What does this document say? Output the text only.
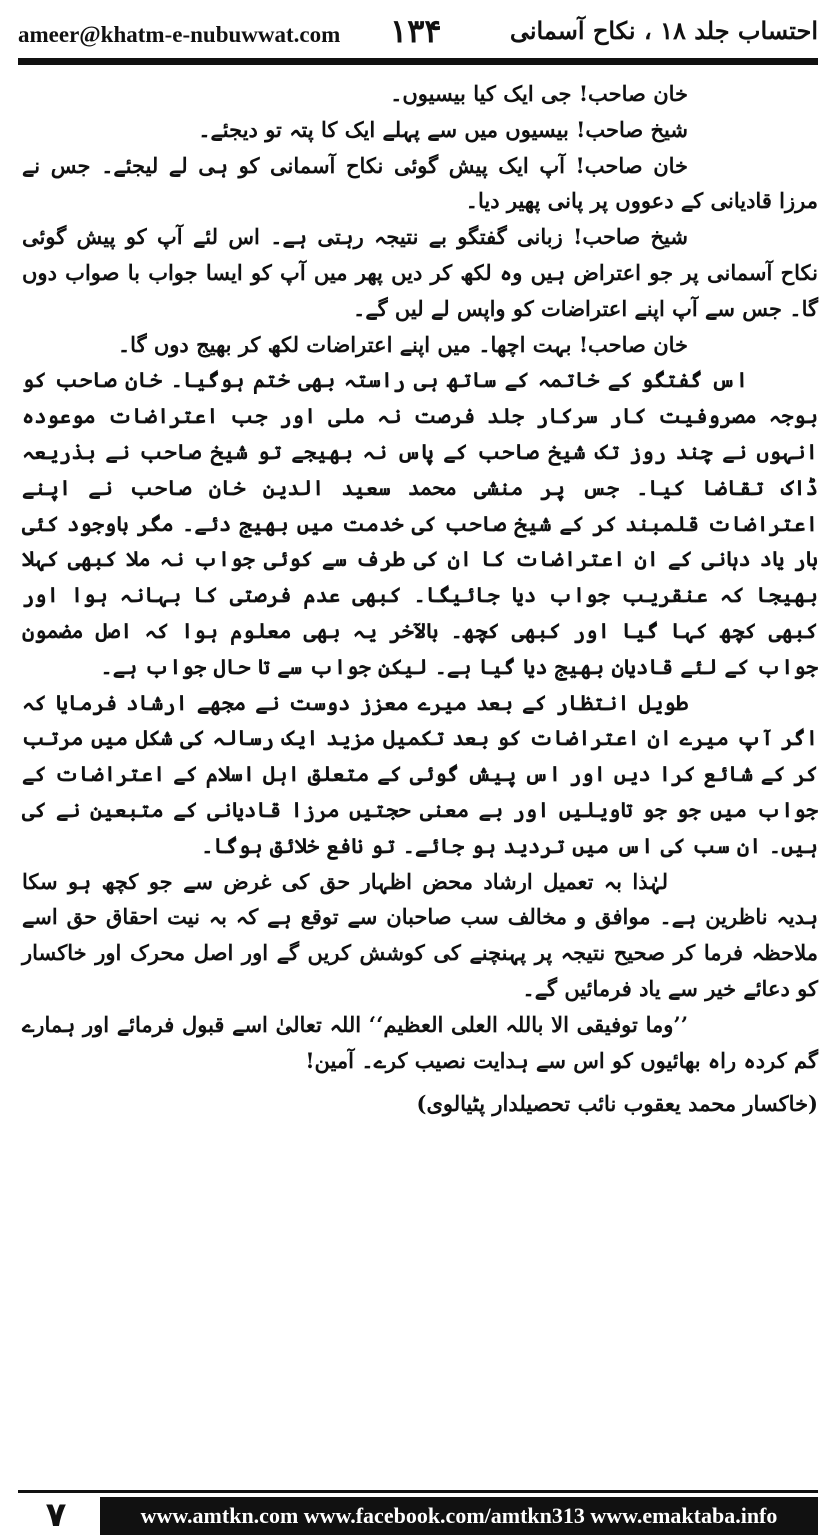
ameer@khatm-e-nubuwwat.com ۱۳۴	احتساب جلد ۱۸ ، نکاح آسمانی

خان صاحب! جی ایک کیا بیسیوں۔

شیخ صاحب! بیسیوں میں سے پہلے ایک کا پتہ تو دیجئے۔

خان صاحب! آپ ایک پیش گوئی نکاح آسمانی کو ہی لے لیجئے۔ جس نے مرزا قادیانی کے دعووں پر پانی پھیر دیا۔

شیخ صاحب! زبانی گفتگو بے نتیجہ رہتی ہے۔ اس لئے آپ کو پیش گوئی نکاح آسمانی پر جو اعتراض ہیں وہ لکھ کر دیں پھر میں آپ کو ایسا جواب با صواب دوں گا۔ جس سے آپ اپنے اعتراضات کو واپس لے لیں گے۔

خان صاحب! بہت اچھا۔ میں اپنے اعتراضات لکھ کر بھیج دوں گا۔

اس گفتگو کے خاتمہ کے ساتھ ہی راستہ بھی ختم ہوگیا۔ خان صاحب کو بوجہ مصروفیت کار سرکار جلد فرصت نہ ملی اور جب اعتراضات موعودہ انہوں نے چند روز تک شیخ صاحب کے پاس نہ بھیجے تو شیخ صاحب نے بذریعہ ڈاک تقاضا کیا۔ جس پر منشی محمد سعید الدین خان صاحب نے اپنے اعتراضات قلمبند کر کے شیخ صاحب کی خدمت میں بھیج دئے۔ مگر باوجود کئی بار یاد دہانی کے ان اعتراضات کا ان کی طرف سے کوئی جواب نہ ملا کبھی کہلا بھیجا کہ عنقریب جواب دیا جائیگا۔ کبھی عدم فرصتی کا بہانہ ہوا اور کبھی کچھ کہا گیا اور کبھی کچھ۔ بالآخر یہ بھی معلوم ہوا کہ اصل مضمون جواب کے لئے قادیان بھیج دیا گیا ہے۔ لیکن جواب سے تا حال جواب ہے۔

طویل انتظار کے بعد میرے معزز دوست نے مجھے ارشاد فرمایا کہ اگر آپ میرے ان اعتراضات کو بعد تکمیل مزید ایک رسالہ کی شکل میں مرتب کر کے شائع کرا دیں اور اس پیش گوئی کے متعلق اہل اسلام کے اعتراضات کے جواب میں جو جو تاویلیں اور بے معنی حجتیں مرزا قادیانی کے متبعین نے کی ہیں۔ ان سب کی اس میں تردید ہو جائے۔ تو نافع خلائق ہوگا۔

لہٰذا بہ تعمیل ارشاد محض اظہار حق کی غرض سے جو کچھ ہو سکا ہدیہ ناظرین ہے۔ موافق و مخالف سب صاحبان سے توقع ہے کہ بہ نیت احقاق حق اسے ملاحظہ فرما کر صحیح نتیجہ پر پہنچنے کی کوشش کریں گے اور اصل محرک اور خاکسار کو دعائے خیر سے یاد فرمائیں گے۔

’’وما توفیقی الا باللہ العلی العظیم‘‘ اللہ تعالیٰ اسے قبول فرمائے اور ہمارے گم کردہ راہ بھائیوں کو اس سے ہدایت نصیب کرے۔ آمین!

(خاکسار محمد یعقوب نائب تحصیلدار پٹیالوی)

۷	www.amtkn.com www.facebook.com/amtkn313 www.emaktaba.info
